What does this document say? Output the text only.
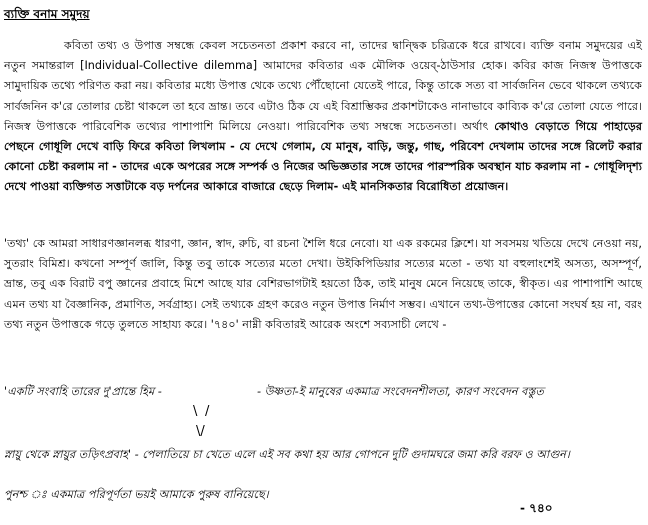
ব্যক্তি বনাম সমুদয়

কবিতা তথ্য ও উপাত্ত সম্বন্ধে কেবল সচেতনতা প্রকাশ করবে না, তাদের দ্বান্দ্বিক চরিত্রকে ধরে রাখবে। ব্যক্তি বনাম সমুদয়ের এই নতুন সমান্তরাল [Individual-Collective dilemma] আমাদের কবিতার এক মৌলিক ওয়েব্-ঠাউসার হোক। কবির কাজ নিজস্ব উপাত্তকে সামুদায়িক তথ্যে পরিণত করা নয়। কবিতার মধ্যে উপাত্ত থেকে তথ্যে পৌঁছোনো যেতেই পারে, কিন্তু তাকে সত্য বা সার্বজনিন ভেবে থাকলে তথ্যকে সার্বজনিন ক'রে তোলার চেষ্টা থাকলে তা হবে ভ্রান্ত। তবে এটাও ঠিক যে এই বিশ্রাম্ভিকর প্রকাশটাকেও নানাভাবে কাব্যিক ক'রে তোলা যেতে পারে। নিজস্ব উপাত্তকে পারিবেশিক তথ্যের পাশাপাশি মিলিয়ে নেওয়া। পারিবেশিক তথ্য সম্বন্ধে সচেতনতা। অর্থাৎ কোথাও বেড়াতে গিয়ে পাহাড়ের পেছনে গোধূলি দেখে বাড়ি ফিরে কবিতা লিখলাম - যে দেখে গেলাম, যে মানুষ, বাড়ি, জন্তু, গাছ, পরিবেশ দেখলাম তাদের সঙ্গে রিলেট করার কোনো চেষ্টা করলাম না - তাদের একে অপরের সঙ্গে সম্পর্ক ও নিজের অভিজ্ঞতার সঙ্গে তাদের পারস্পরিক অবস্থান যাচ করলাম না - গোধূলিদৃশ্য দেখে পাওয়া ব্যক্তিগত সত্তাটাকে বড় দর্পনের আকারে বাজারে ছেড়ে দিলাম- এই মানসিকতার বিরোধিতা প্রয়োজন।

'তথ্য' কে আমরা সাধারণজ্ঞানলব্ধ ধারণা, জ্ঞান, স্বাদ, রুচি, বা রচনা শৈলি ধরে নেবো। যা এক রকমের ক্লিশে। যা সবসময় খতিয়ে দেখে নেওয়া নয়, সুতরাং বিমিশ্র। কখনো সম্পূর্ণ জালি, কিন্তু তবু তাকে সত্যের মতো দেখা। উইকিপিডিয়ার সত্যের মতো - তথ্য যা বহুলাংশেই অসত্য, অসম্পূর্ণ, ভ্রান্ত, তবু এক বিরাট বপু জ্ঞানের প্রবাহে মিশে আছে যার বেশিরভাগটাই হয়তো ঠিক, তাই মানুষ মেনে নিয়েছে তাকে, স্বীকৃত। এর পাশাপাশি আছে এমন তথ্য যা বৈজ্ঞানিক, প্রমাণিত, সর্বগ্রাহ্য। সেই তথ্যকে গ্রহণ করেও নতুন উপাত্ত নির্মাণ সম্ভব। এখানে তথ্য-উপাত্তের কোনো সংঘর্ষ হয় না, বরং তথ্য নতুন উপাত্তকে গড়ে তুলতে সাহায্য করে। '৭৪০' নাম্নী কবিতারই আরেক অংশে সব্যসাচী লেখে -

'একটি সংবাহি তারের দু'প্রান্তে হিম -	- উষ্ণতা-ই মানুষের একমাত্র সংবেদনশীলতা, কারণ সংবেদন বস্তুত
\ /
\/
স্নায়ু থেকে স্নায়ুর তড়িৎপ্রবাহ' - পেলাতিয়ে চা খেতে এলে এই সব কথা হয় আর গোপনে দুটি গুদামঘরে জমা করি বরফ ও আগুন।
পুনশ্চ ঃ একমাত্র পরিপূর্ণতা ভয়ই আমাকে পুরুষ বানিয়েছে।
- ৭৪০
